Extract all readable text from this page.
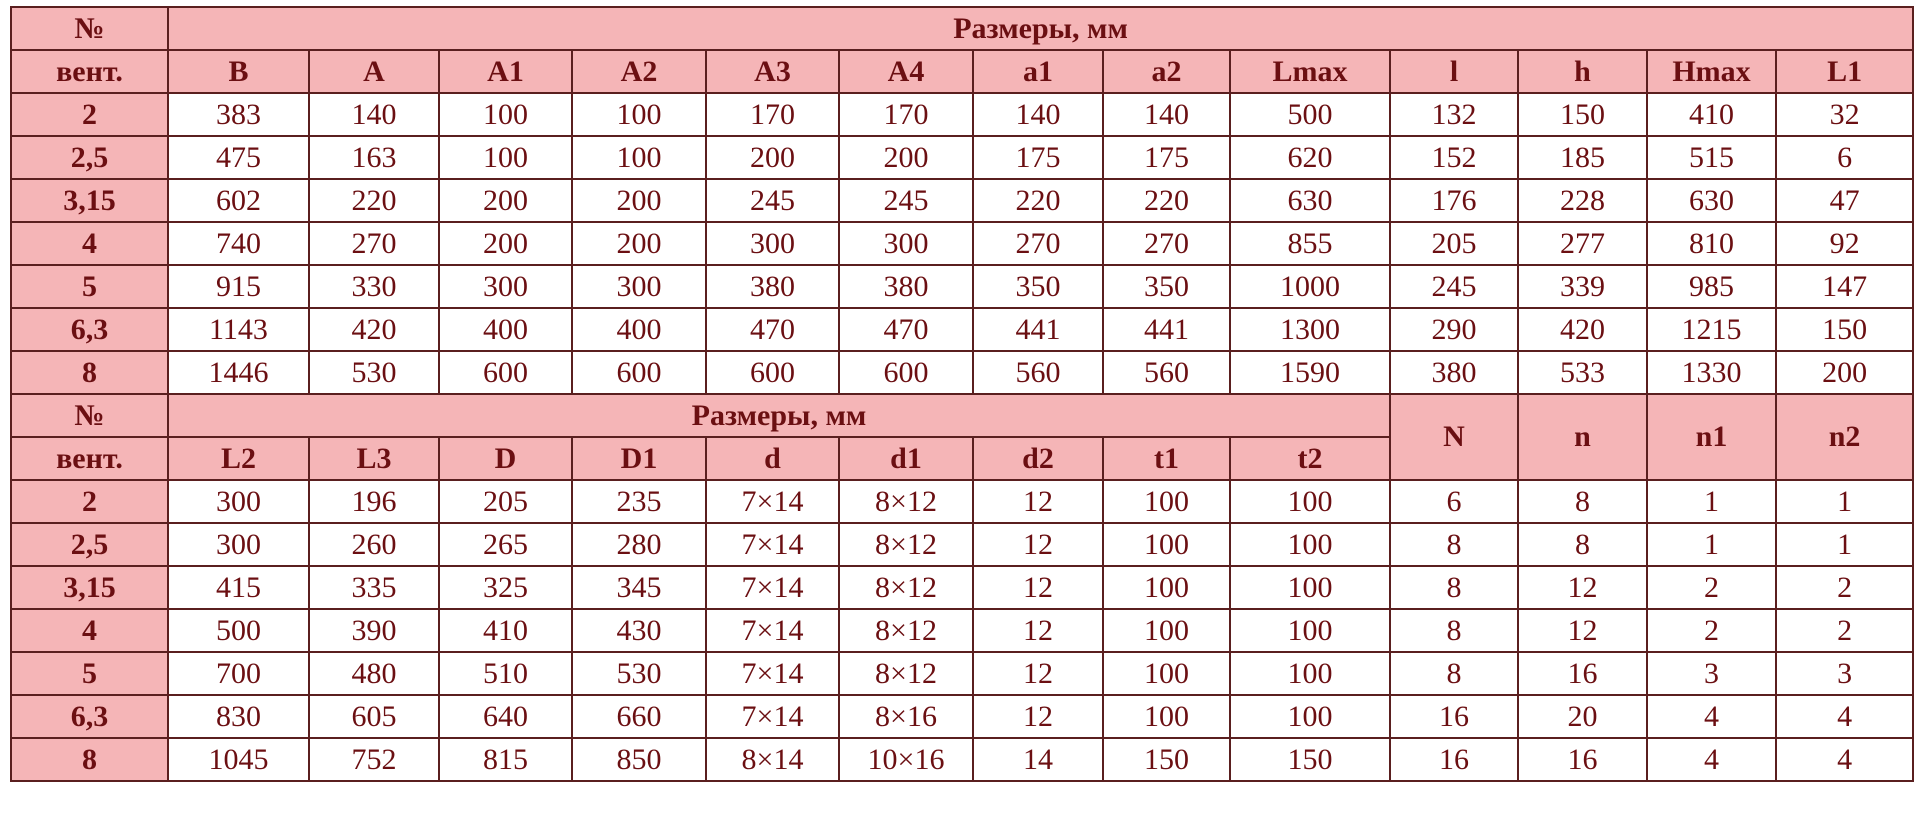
№	Размеры, мм												
вент.	B	A	A1	A2	A3	A4	a1	a2	Lmax	l	h	Hmax	L1
2	383	140	100	100	170	170	140	140	500	132	150	410	32
2,5	475	163	100	100	200	200	175	175	620	152	185	515	6
3,15	602	220	200	200	245	245	220	220	630	176	228	630	47
4	740	270	200	200	300	300	270	270	855	205	277	810	92
5	915	330	300	300	380	380	350	350	1000	245	339	985	147
6,3	1143	420	400	400	470	470	441	441	1300	290	420	1215	150
8	1446	530	600	600	600	600	560	560	1590	380	533	1330	200
№	Размеры, мм									N	n	n1	n2
вент.	L2	L3	D	D1	d	d1	d2	t1	t2				
2	300	196	205	235	7×14	8×12	12	100	100	6	8	1	1
2,5	300	260	265	280	7×14	8×12	12	100	100	8	8	1	1
3,15	415	335	325	345	7×14	8×12	12	100	100	8	12	2	2
4	500	390	410	430	7×14	8×12	12	100	100	8	12	2	2
5	700	480	510	530	7×14	8×12	12	100	100	8	16	3	3
6,3	830	605	640	660	7×14	8×16	12	100	100	16	20	4	4
8	1045	752	815	850	8×14	10×16	14	150	150	16	16	4	4
